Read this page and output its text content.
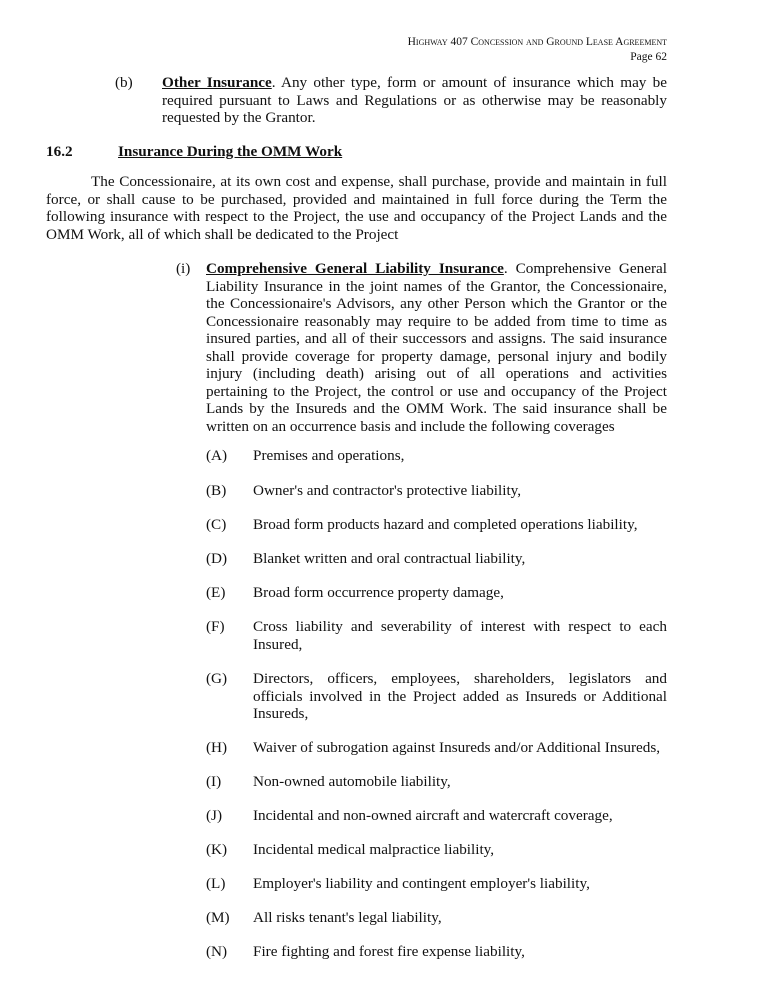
Highway 407 Concession and Ground Lease Agreement
Page 62
(b) Other Insurance. Any other type, form or amount of insurance which may be required pursuant to Laws and Regulations or as otherwise may be reasonably requested by the Grantor.
16.2	Insurance During the OMM Work
The Concessionaire, at its own cost and expense, shall purchase, provide and maintain in full force, or shall cause to be purchased, provided and maintained in full force during the Term the following insurance with respect to the Project, the use and occupancy of the Project Lands and the OMM Work, all of which shall be dedicated to the Project
(i) Comprehensive General Liability Insurance. Comprehensive General Liability Insurance in the joint names of the Grantor, the Concessionaire, the Concessionaire's Advisors, any other Person which the Grantor or the Concessionaire reasonably may require to be added from time to time as insured parties, and all of their successors and assigns. The said insurance shall provide coverage for property damage, personal injury and bodily injury (including death) arising out of all operations and activities pertaining to the Project, the control or use and occupancy of the Project Lands by the Insureds and the OMM Work. The said insurance shall be written on an occurrence basis and include the following coverages
(A) Premises and operations,
(B) Owner's and contractor's protective liability,
(C) Broad form products hazard and completed operations liability,
(D) Blanket written and oral contractual liability,
(E) Broad form occurrence property damage,
(F) Cross liability and severability of interest with respect to each Insured,
(G) Directors, officers, employees, shareholders, legislators and officials involved in the Project added as Insureds or Additional Insureds,
(H) Waiver of subrogation against Insureds and/or Additional Insureds,
(I) Non-owned automobile liability,
(J) Incidental and non-owned aircraft and watercraft coverage,
(K) Incidental medical malpractice liability,
(L) Employer's liability and contingent employer's liability,
(M) All risks tenant's legal liability,
(N) Fire fighting and forest fire expense liability,
